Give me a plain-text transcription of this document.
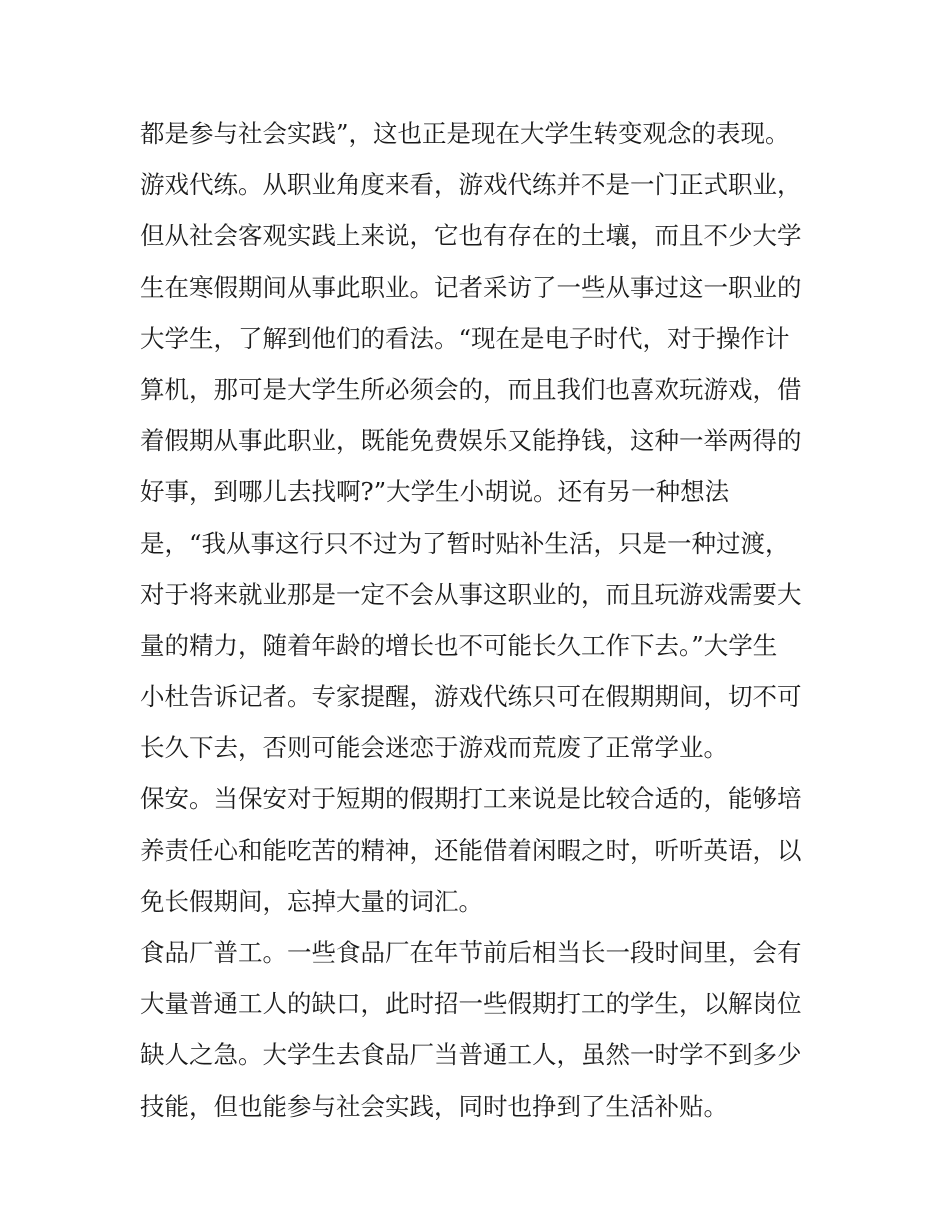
都是参与社会实践”，这也正是现在大学生转变观念的表现。
游戏代练。从职业角度来看，游戏代练并不是一门正式职业，
但从社会客观实践上来说，它也有存在的土壤，而且不少大学
生在寒假期间从事此职业。记者采访了一些从事过这一职业的
大学生，了解到他们的看法。“现在是电子时代，对于操作计
算机，那可是大学生所必须会的，而且我们也喜欢玩游戏，借
着假期从事此职业，既能免费娱乐又能挣钱，这种一举两得的
好事，到哪儿去找啊?”大学生小胡说。还有另一种想法
是，“我从事这行只不过为了暂时贴补生活，只是一种过渡，
对于将来就业那是一定不会从事这职业的，而且玩游戏需要大
量的精力，随着年龄的增长也不可能长久工作下去。”大学生
小杜告诉记者。专家提醒，游戏代练只可在假期期间，切不可
长久下去，否则可能会迷恋于游戏而荒废了正常学业。
保安。当保安对于短期的假期打工来说是比较合适的，能够培
养责任心和能吃苦的精神，还能借着闲暇之时，听听英语，以
免长假期间，忘掉大量的词汇。
食品厂普工。一些食品厂在年节前后相当长一段时间里，会有
大量普通工人的缺口，此时招一些假期打工的学生，以解岗位
缺人之急。大学生去食品厂当普通工人，虽然一时学不到多少
技能，但也能参与社会实践，同时也挣到了生活补贴。
